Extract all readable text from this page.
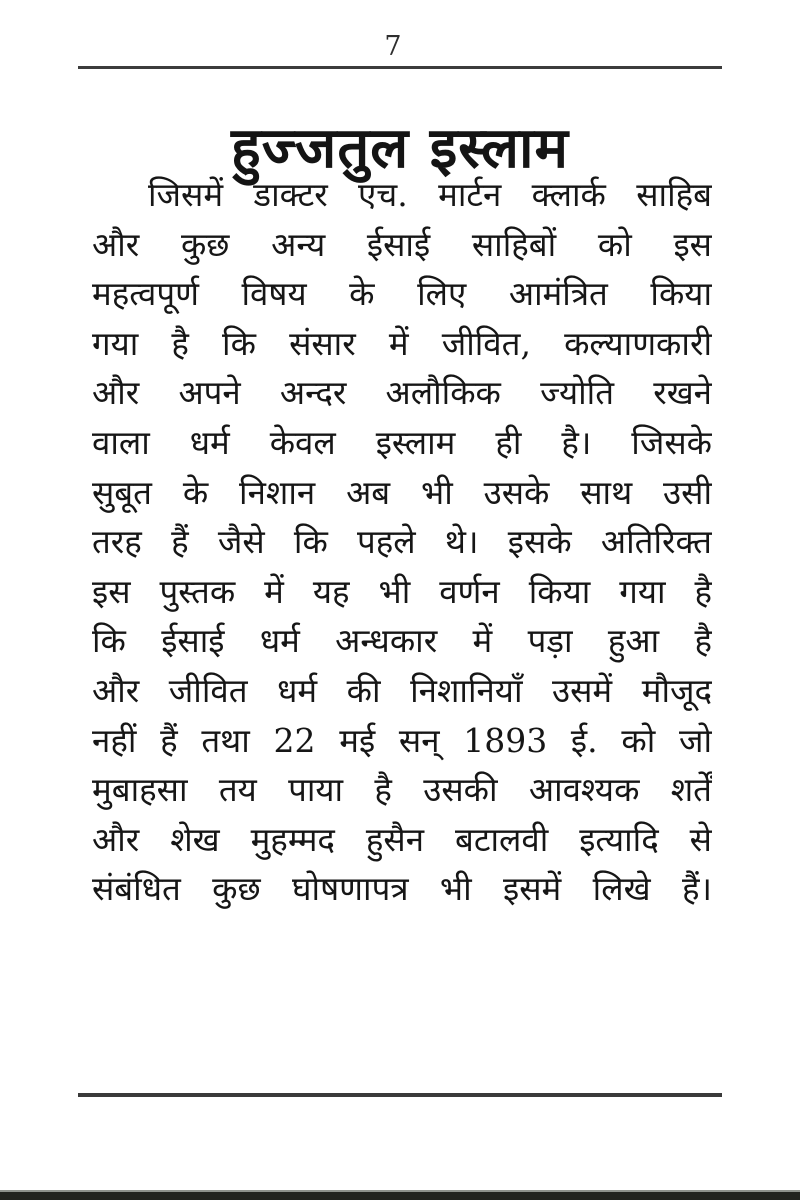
7
हुज्जतुल इस्लाम
जिसमें डाक्टर एच. मार्टन क्लार्क साहिब
और कुछ अन्य ईसाई साहिबों को इस
महत्वपूर्ण विषय के लिए आमंत्रित किया
गया है कि संसार में जीवित, कल्याणकारी
और अपने अन्दर अलौकिक ज्योति रखने
वाला धर्म केवल इस्लाम ही है। जिसके
सुबूत के निशान अब भी उसके साथ उसी
तरह हैं जैसे कि पहले थे। इसके अतिरिक्त
इस पुस्तक में यह भी वर्णन किया गया है
कि ईसाई धर्म अन्धकार में पड़ा हुआ है
और जीवित धर्म की निशानियाँ उसमें मौजूद
नहीं हैं तथा 22 मई सन् 1893 ई. को जो
मुबाहसा तय पाया है उसकी आवश्यक शर्तें
और शेख मुहम्मद हुसैन बटालवी इत्यादि से
संबंधित कुछ घोषणापत्र भी इसमें लिखे हैं।
